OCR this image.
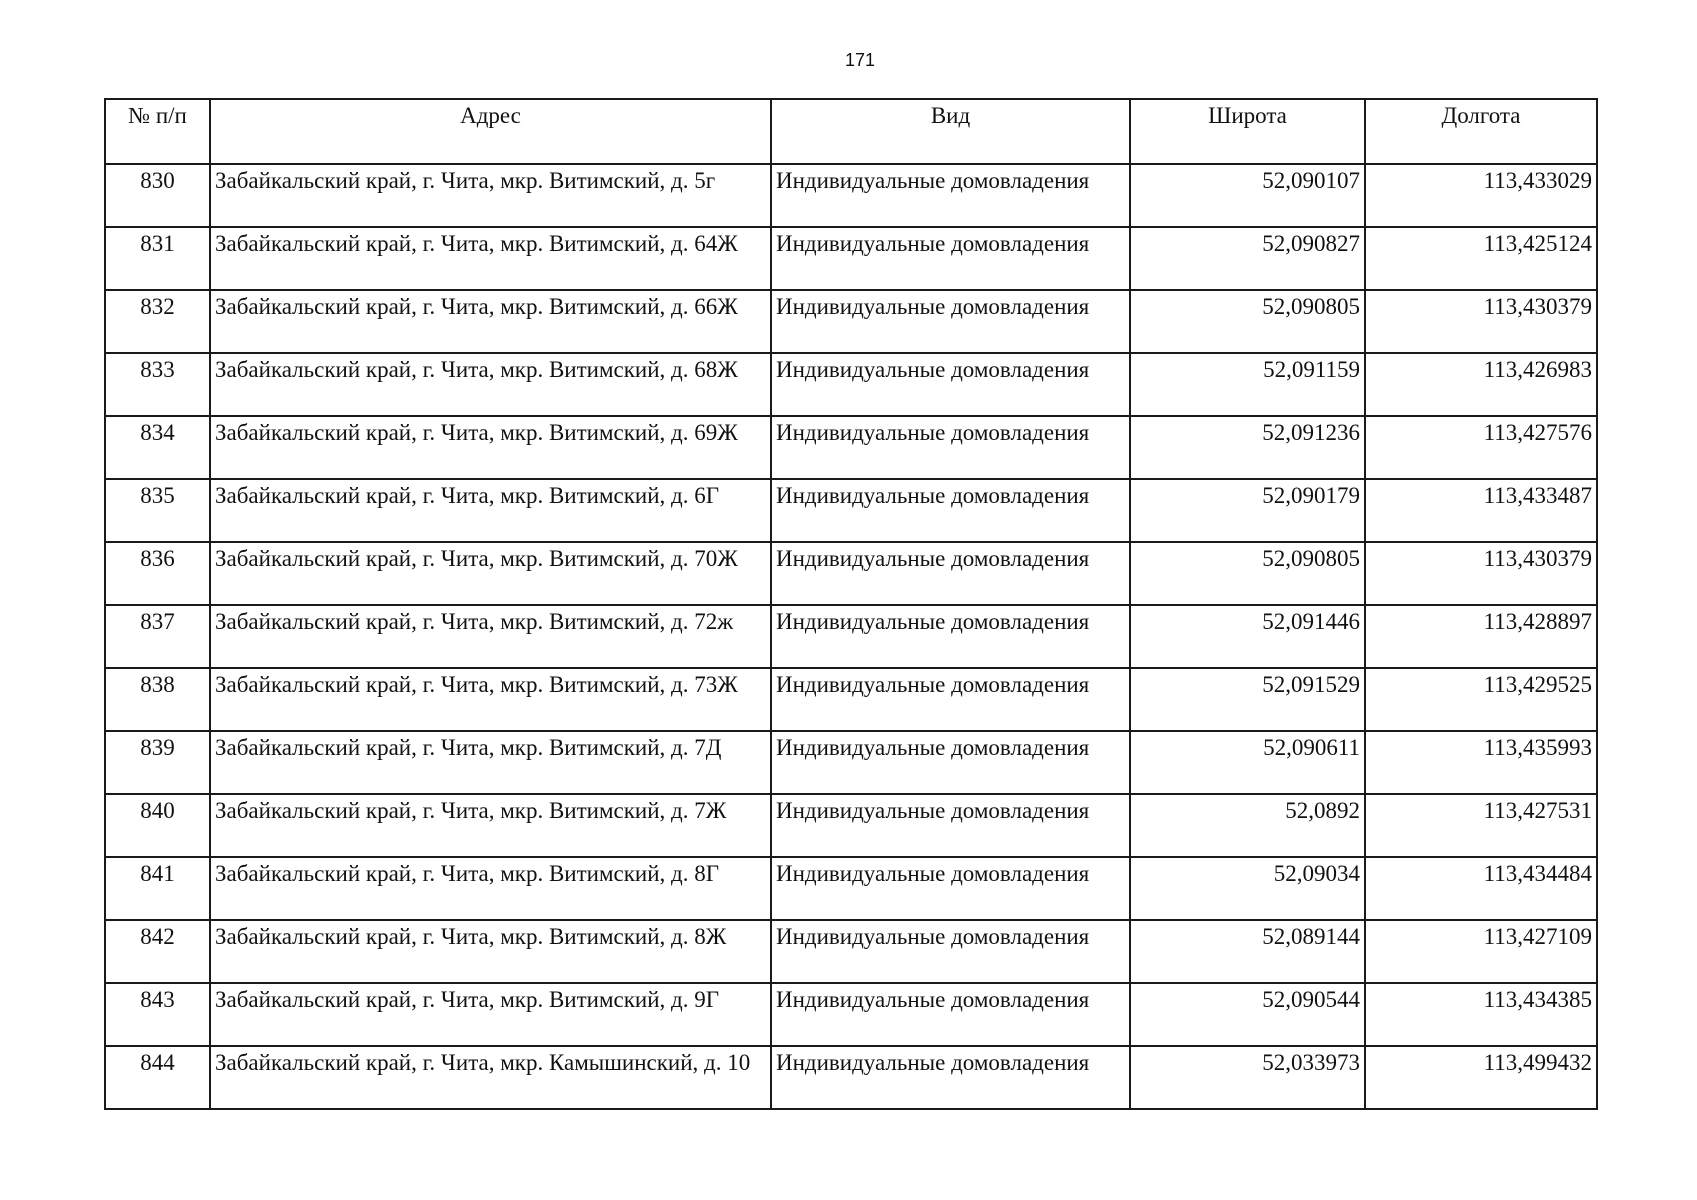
171
№ п/п	Адрес	Вид	Широта	Долгота
830	Забайкальский край, г. Чита, мкр. Витимский, д. 5г	Индивидуальные домовладения	52,090107	113,433029
831	Забайкальский край, г. Чита, мкр. Витимский, д. 64Ж	Индивидуальные домовладения	52,090827	113,425124
832	Забайкальский край, г. Чита, мкр. Витимский, д. 66Ж	Индивидуальные домовладения	52,090805	113,430379
833	Забайкальский край, г. Чита, мкр. Витимский, д. 68Ж	Индивидуальные домовладения	52,091159	113,426983
834	Забайкальский край, г. Чита, мкр. Витимский, д. 69Ж	Индивидуальные домовладения	52,091236	113,427576
835	Забайкальский край, г. Чита, мкр. Витимский, д. 6Г	Индивидуальные домовладения	52,090179	113,433487
836	Забайкальский край, г. Чита, мкр. Витимский, д. 70Ж	Индивидуальные домовладения	52,090805	113,430379
837	Забайкальский край, г. Чита, мкр. Витимский, д. 72ж	Индивидуальные домовладения	52,091446	113,428897
838	Забайкальский край, г. Чита, мкр. Витимский, д. 73Ж	Индивидуальные домовладения	52,091529	113,429525
839	Забайкальский край, г. Чита, мкр. Витимский, д. 7Д	Индивидуальные домовладения	52,090611	113,435993
840	Забайкальский край, г. Чита, мкр. Витимский, д. 7Ж	Индивидуальные домовладения	52,0892	113,427531
841	Забайкальский край, г. Чита, мкр. Витимский, д. 8Г	Индивидуальные домовладения	52,09034	113,434484
842	Забайкальский край, г. Чита, мкр. Витимский, д. 8Ж	Индивидуальные домовладения	52,089144	113,427109
843	Забайкальский край, г. Чита, мкр. Витимский, д. 9Г	Индивидуальные домовладения	52,090544	113,434385
844	Забайкальский край, г. Чита, мкр. Камышинский, д. 10	Индивидуальные домовладения	52,033973	113,499432
